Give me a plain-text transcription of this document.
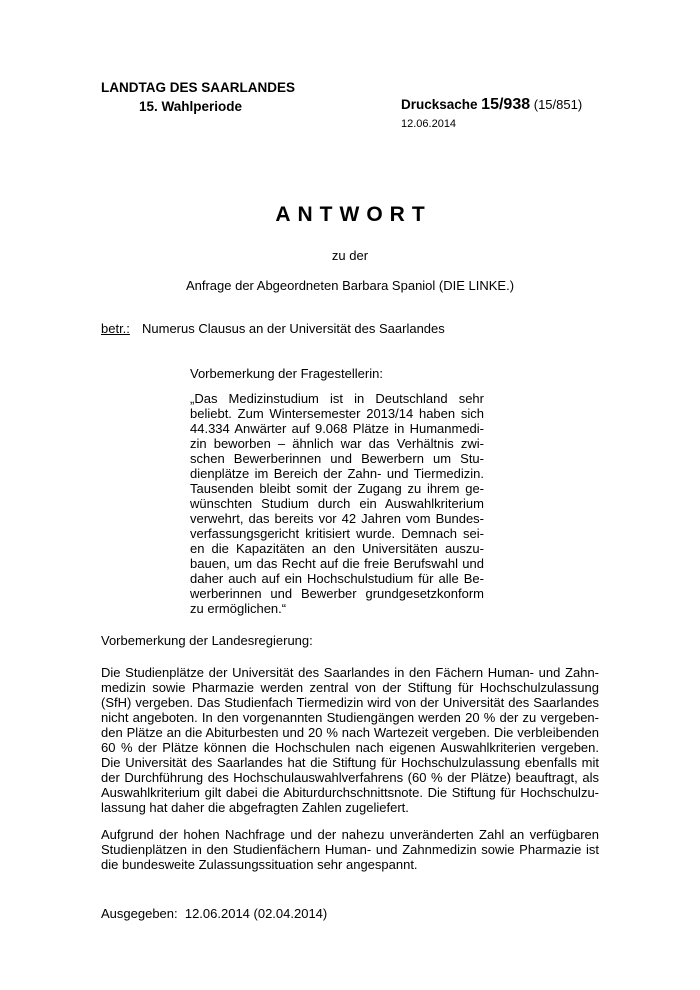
LANDTAG DES SAARLANDES
15. Wahlperiode	Drucksache 15/938 (15/851)
12.06.2014
ANTWORT
zu der
Anfrage der Abgeordneten Barbara Spaniol (DIE LINKE.)
betr.: Numerus Clausus an der Universität des Saarlandes
Vorbemerkung der Fragestellerin:
„Das Medizinstudium ist in Deutschland sehr
beliebt. Zum Wintersemester 2013/14 haben sich
44.334 Anwärter auf 9.068 Plätze in Humanmedi-
zin beworben – ähnlich war das Verhältnis zwi-
schen Bewerberinnen und Bewerbern um Stu-
dienplätze im Bereich der Zahn- und Tiermedizin.
Tausenden bleibt somit der Zugang zu ihrem ge-
wünschten Studium durch ein Auswahlkriterium
verwehrt, das bereits vor 42 Jahren vom Bundes-
verfassungsgericht kritisiert wurde. Demnach sei-
en die Kapazitäten an den Universitäten auszu-
bauen, um das Recht auf die freie Berufswahl und
daher auch auf ein Hochschulstudium für alle Be-
werberinnen und Bewerber grundgesetzkonform
zu ermöglichen.“
Vorbemerkung der Landesregierung:
Die Studienplätze der Universität des Saarlandes in den Fächern Human- und Zahn-
medizin sowie Pharmazie werden zentral von der Stiftung für Hochschulzulassung
(SfH) vergeben. Das Studienfach Tiermedizin wird von der Universität des Saarlandes
nicht angeboten. In den vorgenannten Studiengängen werden 20 % der zu vergeben-
den Plätze an die Abiturbesten und 20 % nach Wartezeit vergeben. Die verbleibenden
60 % der Plätze können die Hochschulen nach eigenen Auswahlkriterien vergeben.
Die Universität des Saarlandes hat die Stiftung für Hochschulzulassung ebenfalls mit
der Durchführung des Hochschulauswahlverfahrens (60 % der Plätze) beauftragt, als
Auswahlkriterium gilt dabei die Abiturdurchschnittsnote. Die Stiftung für Hochschulzu-
lassung hat daher die abgefragten Zahlen zugeliefert.
Aufgrund der hohen Nachfrage und der nahezu unveränderten Zahl an verfügbaren
Studienplätzen in den Studienfächern Human- und Zahnmedizin sowie Pharmazie ist
die bundesweite Zulassungssituation sehr angespannt.
Ausgegeben:  12.06.2014 (02.04.2014)
